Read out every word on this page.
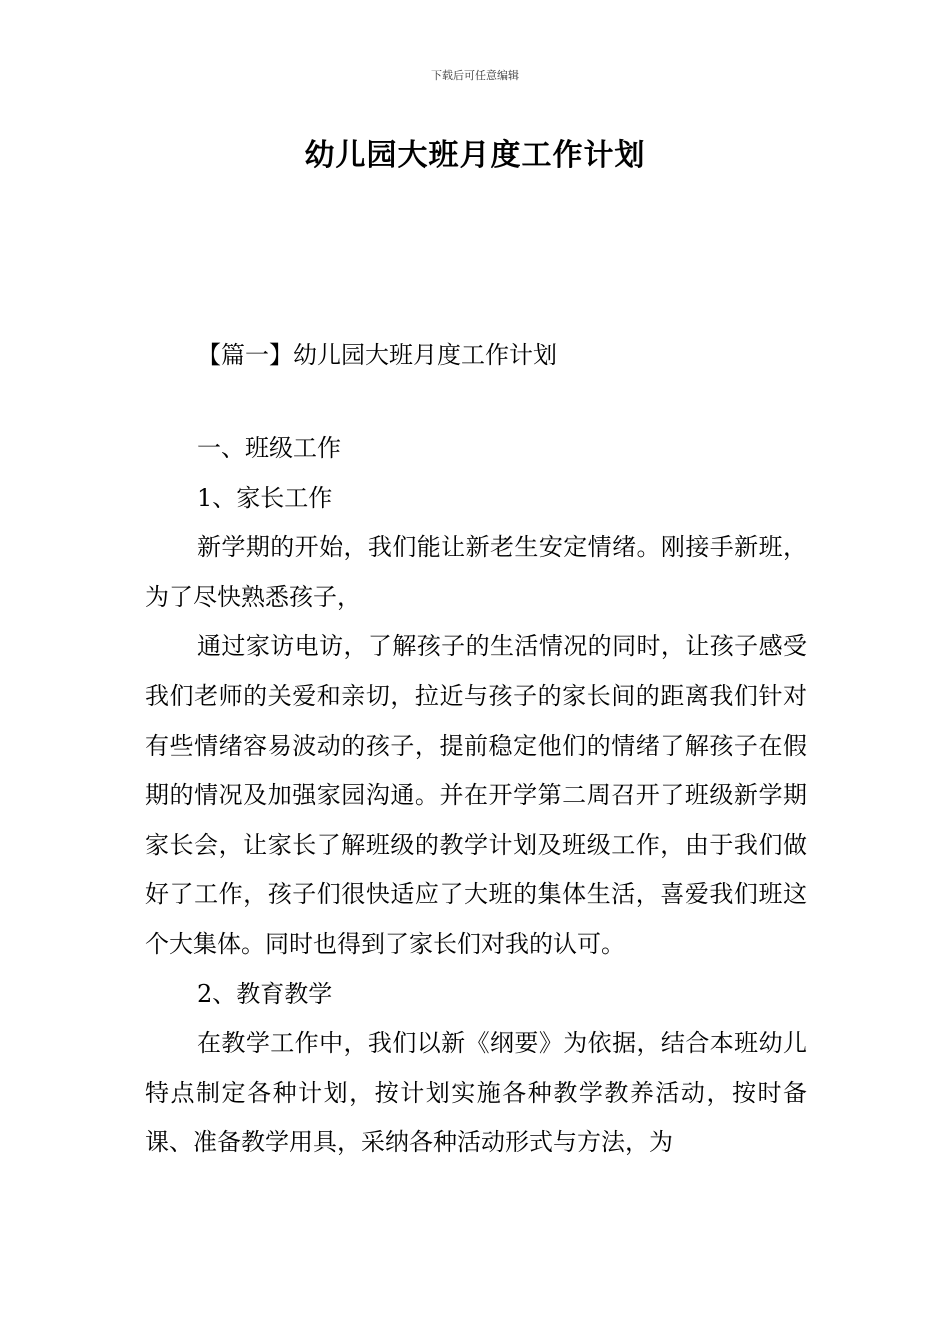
下载后可任意编辑
幼儿园大班月度工作计划
【篇一】幼儿园大班月度工作计划

一、班级工作

1、家长工作

新学期的开始，我们能让新老生安定情绪。刚接手新班，为了尽快熟悉孩子，

通过家访电访，了解孩子的生活情况的同时，让孩子感受我们老师的关爱和亲切，拉近与孩子的家长间的距离我们针对有些情绪容易波动的孩子，提前稳定他们的情绪了解孩子在假期的情况及加强家园沟通。并在开学第二周召开了班级新学期家长会，让家长了解班级的教学计划及班级工作，由于我们做好了工作，孩子们很快适应了大班的集体生活，喜爱我们班这个大集体。同时也得到了家长们对我的认可。

2、教育教学

在教学工作中，我们以新《纲要》为依据，结合本班幼儿特点制定各种计划，按计划实施各种教学教养活动，按时备课、准备教学用具，采纳各种活动形式与方法，为
